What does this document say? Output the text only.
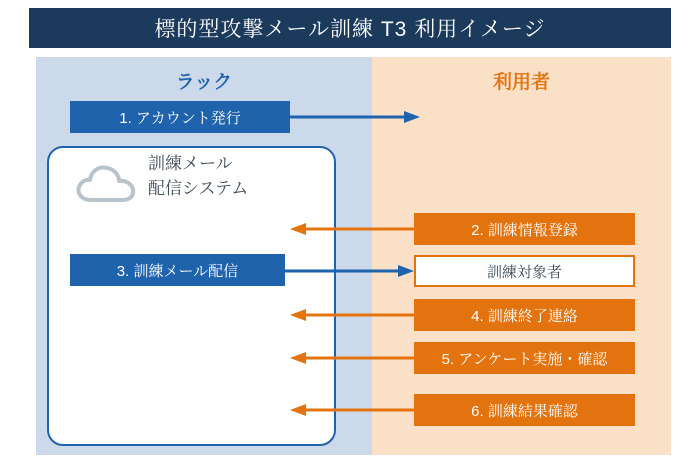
標的型攻撃メール訓練 T3 利用イメージ
ラック	利用者
訓練メール
配信システム
1. アカウント発行
3. 訓練メール配信
2. 訓練情報登録
訓練対象者
4. 訓練終了連絡
5. アンケート実施・確認
6. 訓練結果確認
